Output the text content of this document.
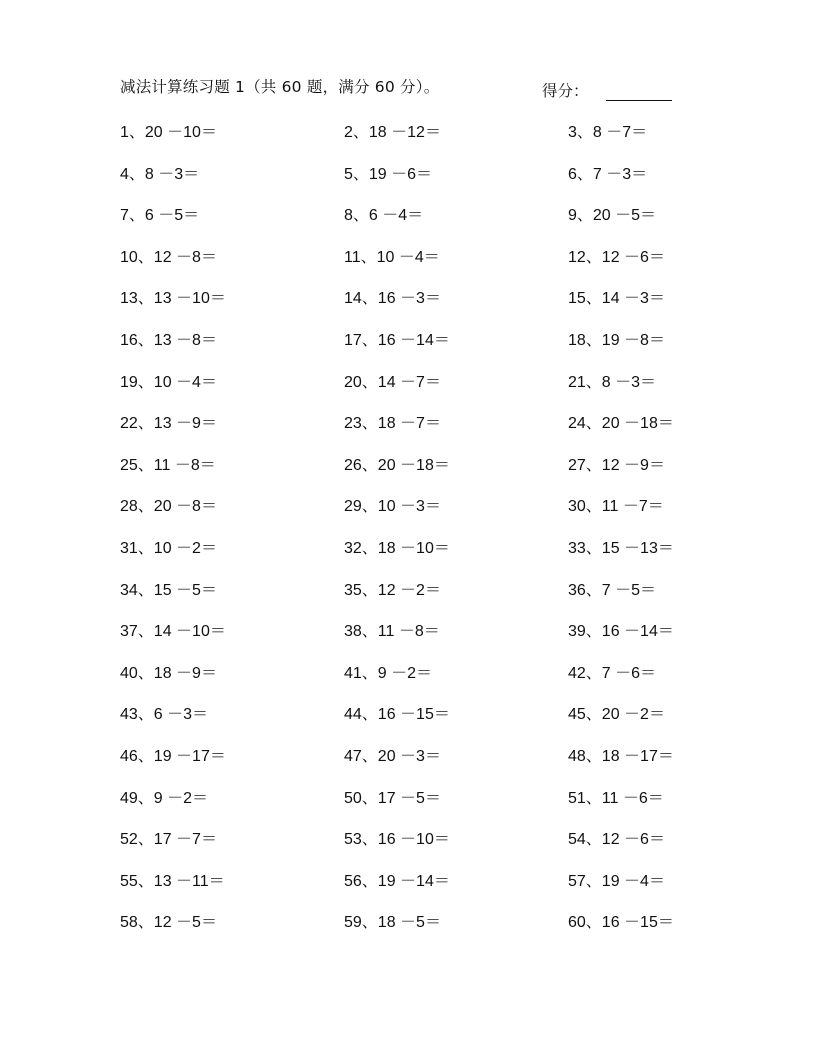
减法计算练习题 1（共 60 题，满分 60 分）。	得分：
1、20 －10＝	2、18 －12＝	3、8 －7＝
4、8 －3＝	5、19 －6＝	6、7 －3＝
7、6 －5＝	8、6 －4＝	9、20 －5＝
10、12 －8＝	11、10 －4＝	12、12 －6＝
13、13 －10＝	14、16 －3＝	15、14 －3＝
16、13 －8＝	17、16 －14＝	18、19 －8＝
19、10 －4＝	20、14 －7＝	21、8 －3＝
22、13 －9＝	23、18 －7＝	24、20 －18＝
25、11 －8＝	26、20 －18＝	27、12 －9＝
28、20 －8＝	29、10 －3＝	30、11 －7＝
31、10 －2＝	32、18 －10＝	33、15 －13＝
34、15 －5＝	35、12 －2＝	36、7 －5＝
37、14 －10＝	38、11 －8＝	39、16 －14＝
40、18 －9＝	41、9 －2＝	42、7 －6＝
43、6 －3＝	44、16 －15＝	45、20 －2＝
46、19 －17＝	47、20 －3＝	48、18 －17＝
49、9 －2＝	50、17 －5＝	51、11 －6＝
52、17 －7＝	53、16 －10＝	54、12 －6＝
55、13 －11＝	56、19 －14＝	57、19 －4＝
58、12 －5＝	59、18 －5＝	60、16 －15＝
